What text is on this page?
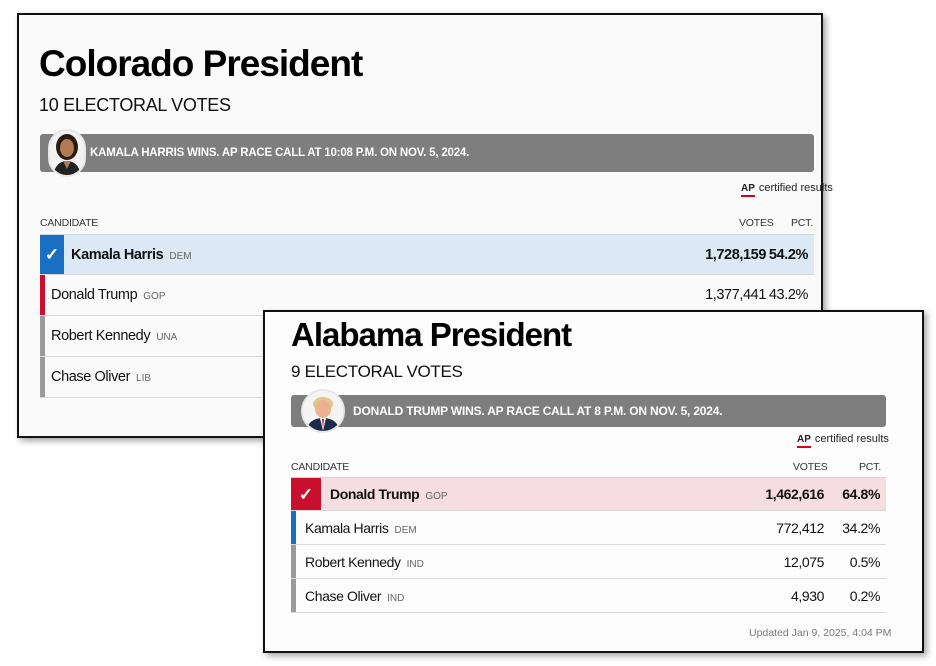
Colorado President
10 ELECTORAL VOTES
KAMALA HARRIS WINS. AP RACE CALL AT 10:08 P.M. ON NOV. 5, 2024.
AP certified results
CANDIDATE	VOTES PCT.
✓ Kamala Harris DEM	1,728,159 54.2%
Donald Trump GOP	1,377,441 43.2%
Robert Kennedy UNA
Chase Oliver LIB
Alabama President
9 ELECTORAL VOTES
DONALD TRUMP WINS. AP RACE CALL AT 8 P.M. ON NOV. 5, 2024.
AP certified results
CANDIDATE	VOTES	PCT.
✓	Donald Trump GOP	1,462,616 64.8%
Kamala Harris DEM	772,412 34.2%
Robert Kennedy IND	12,075 0.5%
Chase Oliver IND	4,930 0.2%
Updated Jan 9, 2025, 4:04 PM
